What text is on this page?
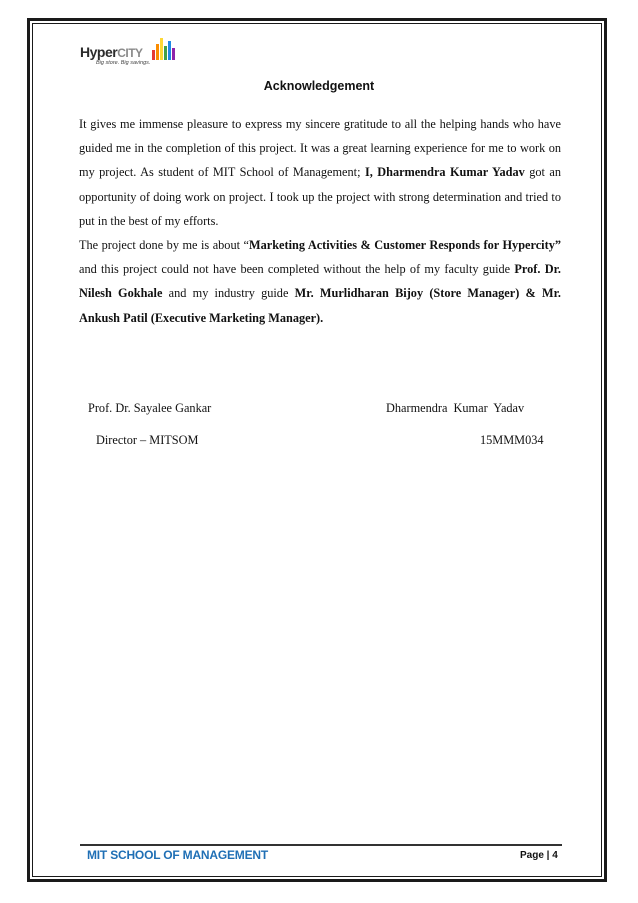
HyperCITY
Big store. Big savings.
Acknowledgement

It gives me immense pleasure to express my sincere gratitude to all the helping hands who have guided me in the completion of this project. It was a great learning experience for me to work on my project. As student of MIT School of Management; I, Dharmendra Kumar Yadav got an opportunity of doing work on project. I took up the project with strong determination and tried to put in the best of my efforts.

The project done by me is about “Marketing Activities & Customer Responds for Hypercity” and this project could not have been completed without the help of my faculty guide Prof. Dr. Nilesh Gokhale and my industry guide Mr. Murlidharan Bijoy (Store Manager) & Mr. Ankush Patil (Executive Marketing Manager).

Prof. Dr. Sayalee Gankar
Director – MITSOM
Dharmendra Kumar Yadav
15MMM034
MIT SCHOOL OF MANAGEMENT	Page | 4
